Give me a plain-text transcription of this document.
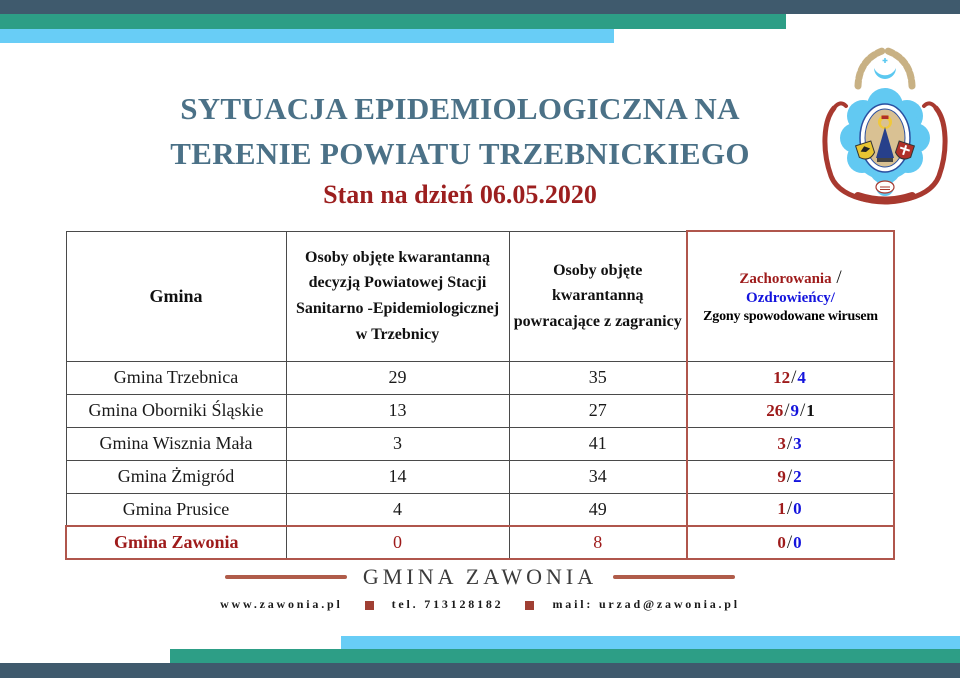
SYTUACJA EPIDEMIOLOGICZNA NA
TERENIE POWIATU TRZEBNICKIEGO
Stan na dzień 06.05.2020
Gmina	Osoby objęte kwarantanną decyzją Powiatowej Stacji Sanitarno -Epidemiologicznej w Trzebnicy	Osoby objęte kwarantanną powracające z zagranicy	Zachorowania /
Ozdrowieńcy/
Zgony spowodowane wirusem
Gmina Trzebnica	29	35	12/4
Gmina Oborniki Śląskie	13	27	26/9/1
Gmina Wisznia Mała	3	41	3/3
Gmina Żmigród	14	34	9/2
Gmina Prusice	4	49	1/0
Gmina Zawonia	0	8	0/0
GMINA ZAWONIA
www.zawonia.pl	tel. 713128182	mail: urzad@zawonia.pl
